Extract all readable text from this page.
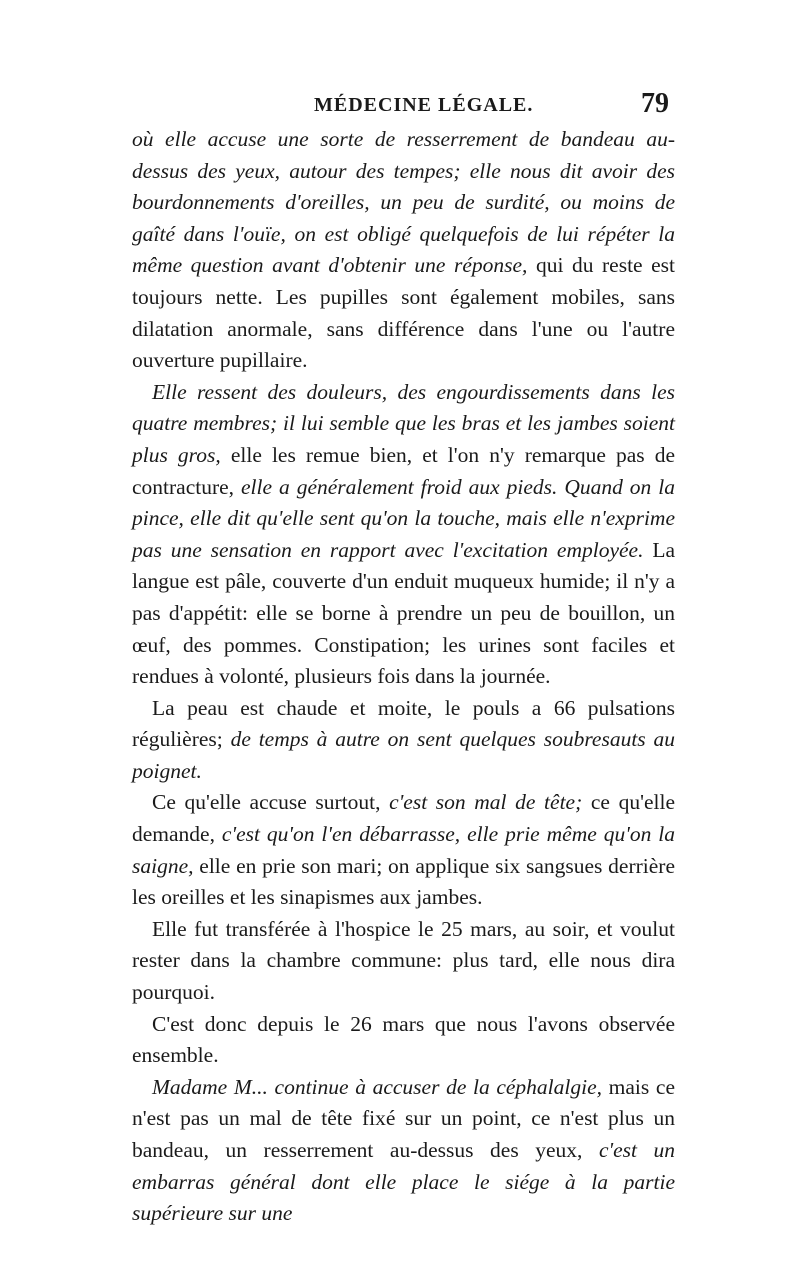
MÉDECINE LÉGALE.	79

où elle accuse une sorte de resserrement de bandeau au-dessus des yeux, autour des tempes; elle nous dit avoir des bourdonnements d'oreilles, un peu de surdité, ou moins de gaîté dans l'ouïe, on est obligé quelquefois de lui répéter la même question avant d'obtenir une réponse, qui du reste est toujours nette. Les pupilles sont également mobiles, sans dilatation anormale, sans différence dans l'une ou l'autre ouverture pupillaire.

Elle ressent des douleurs, des engourdissements dans les quatre membres; il lui semble que les bras et les jambes soient plus gros, elle les remue bien, et l'on n'y remarque pas de contracture, elle a généralement froid aux pieds. Quand on la pince, elle dit qu'elle sent qu'on la touche, mais elle n'exprime pas une sensation en rapport avec l'excitation employée. La langue est pâle, couverte d'un enduit muqueux humide; il n'y a pas d'appétit: elle se borne à prendre un peu de bouillon, un œuf, des pommes. Constipation; les urines sont faciles et rendues à volonté, plusieurs fois dans la journée.

La peau est chaude et moite, le pouls a 66 pulsations régulières; de temps à autre on sent quelques soubresauts au poignet.

Ce qu'elle accuse surtout, c'est son mal de tête; ce qu'elle demande, c'est qu'on l'en débarrasse, elle prie même qu'on la saigne, elle en prie son mari; on applique six sangsues derrière les oreilles et les sinapismes aux jambes.

Elle fut transférée à l'hospice le 25 mars, au soir, et voulut rester dans la chambre commune: plus tard, elle nous dira pourquoi.

C'est donc depuis le 26 mars que nous l'avons observée ensemble.

Madame M... continue à accuser de la céphalalgie, mais ce n'est pas un mal de tête fixé sur un point, ce n'est plus un bandeau, un resserrement au-dessus des yeux, c'est un embarras général dont elle place le siége à la partie supérieure sur une
